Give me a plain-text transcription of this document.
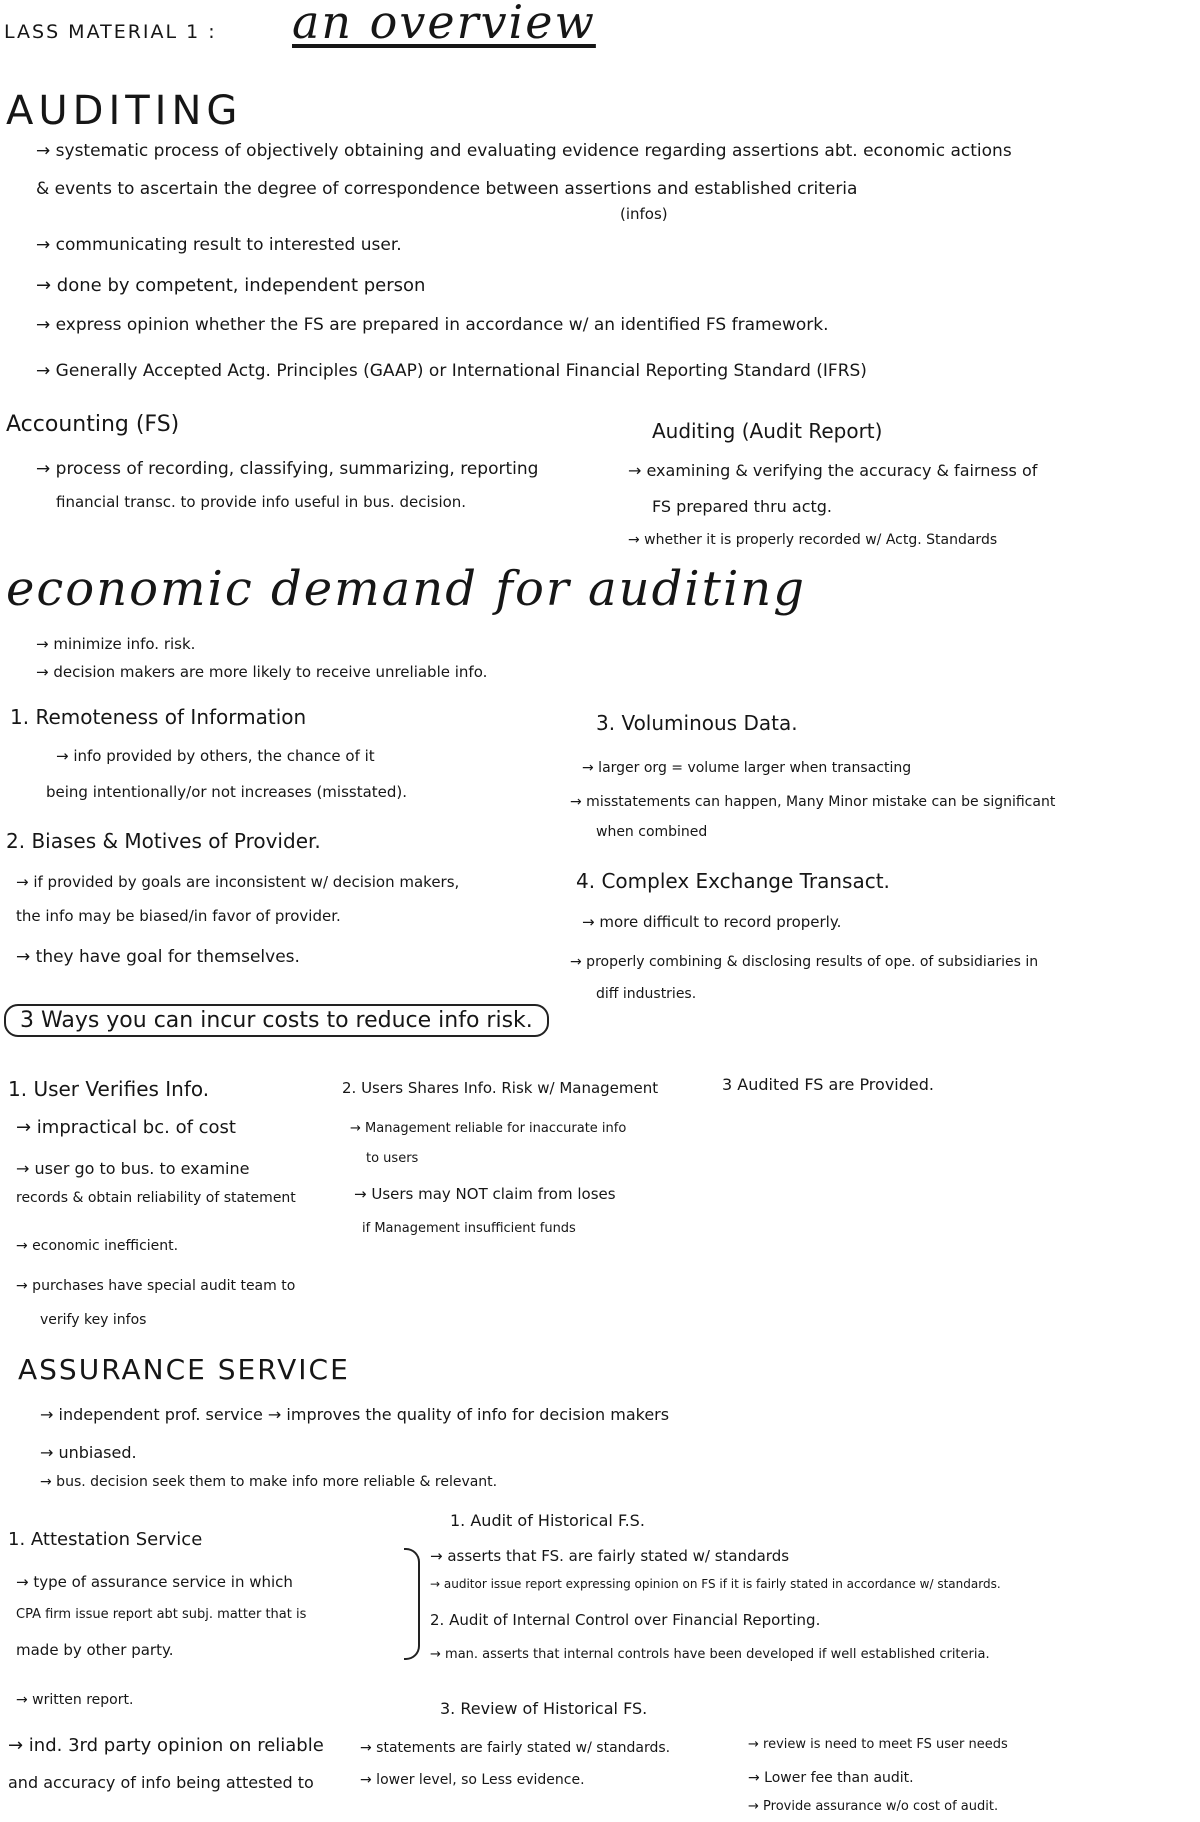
LASS MATERIAL 1 : an overview
AUDITING
→ systematic process of objectively obtaining and evaluating evidence regarding assertions abt. economic actions
& events to ascertain the degree of correspondence between assertions and established criteria
(infos)
→ communicating result to interested user.
→ done by competent, independent person
→ express opinion whether the FS are prepared in accordance w/ an identified FS framework.
→ Generally Accepted Actg. Principles (GAAP) or International Financial Reporting Standard (IFRS)
Accounting (FS)
→ process of recording, classifying, summarizing, reporting
financial transc. to provide info useful in bus. decision.
Auditing (Audit Report)
→ examining & verifying the accuracy & fairness of
FS prepared thru actg.
→ whether it is properly recorded w/ Actg. Standards
economic demand for auditing
→ minimize info. risk.
→ decision makers are more likely to receive unreliable info.
1. Remoteness of Information
→ info provided by others, the chance of it
being intentionally/or not increases (misstated).
2. Biases & Motives of Provider.
→ if provided by goals are inconsistent w/ decision makers,
the info may be biased/in favor of provider.
→ they have goal for themselves.
3. Voluminous Data.
→ larger org = volume larger when transacting
→ misstatements can happen, Many Minor mistake can be significant
when combined
4. Complex Exchange Transact.
→ more difficult to record properly.
→ properly combining & disclosing results of ope. of subsidiaries in
diff industries.
3 Ways you can incur costs to reduce info risk.
1. User Verifies Info.
→ impractical bc. of cost
→ user go to bus. to examine
records & obtain reliability of statement
→ economic inefficient.
→ purchases have special audit team to
verify key infos
2. Users Shares Info. Risk w/ Management
→ Management reliable for inaccurate info
to users
→ Users may NOT claim from loses
if Management insufficient funds
3 Audited FS are Provided.
ASSURANCE SERVICE
→ independent prof. service → improves the quality of info for decision makers
→ unbiased.
→ bus. decision seek them to make info more reliable & relevant.
1. Attestation Service
→ type of assurance service in which
CPA firm issue report abt subj. matter that is
made by other party.
→ written report.
→ ind. 3rd party opinion on reliable
and accuracy of info being attested to
1. Audit of Historical F.S.
→ asserts that FS. are fairly stated w/ standards
→ auditor issue report expressing opinion on FS if it is fairly stated in accordance w/ standards.
2. Audit of Internal Control over Financial Reporting.
→ man. asserts that internal controls have been developed if well established criteria.
3. Review of Historical FS.
→ statements are fairly stated w/ standards.
→ lower level, so Less evidence.
→ review is need to meet FS user needs
→ Lower fee than audit.
→ Provide assurance w/o cost of audit.
